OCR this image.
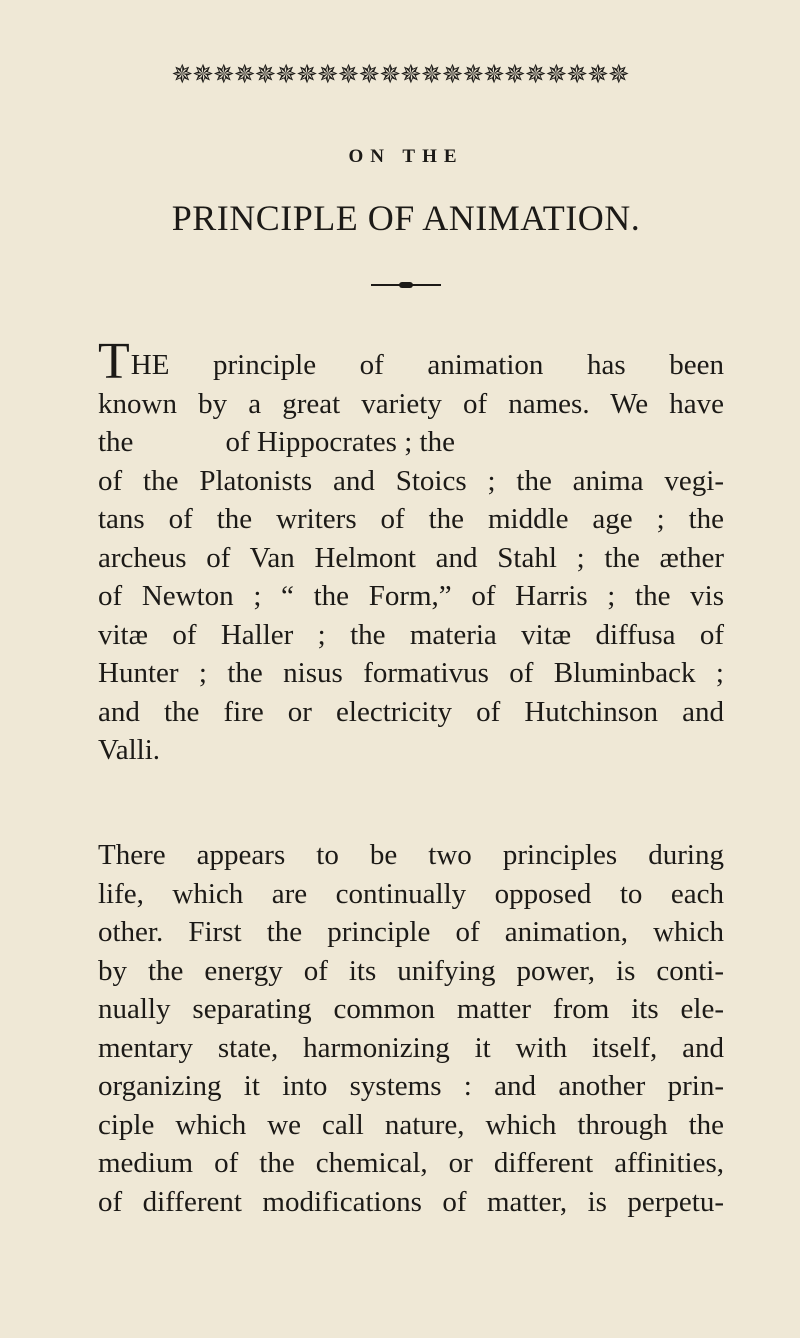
✵✵✵✵✵✵✵✵✵✵✵✵✵✵✵✵✵✵✵✵✵✵
ON THE
PRINCIPLE OF ANIMATION.
THE principle of animation has been
known by a great variety of names. We have
the	of Hippocrates ; the
of the Platonists and Stoics ; the anima vegi-
tans of the writers of the middle age ; the
archeus of Van Helmont and Stahl ; the æther
of Newton ; “ the Form,” of Harris ; the vis
vitæ of Haller ; the materia vitæ diffusa of
Hunter ; the nisus formativus of Bluminback ;
and the fire or electricity of Hutchinson and
Valli.
There appears to be two principles during
life, which are continually opposed to each
other. First the principle of animation, which
by the energy of its unifying power, is conti-
nually separating common matter from its ele-
mentary state, harmonizing it with itself, and
organizing it into systems : and another prin-
ciple which we call nature, which through the
medium of the chemical, or different affinities,
of different modifications of matter, is perpetu-
